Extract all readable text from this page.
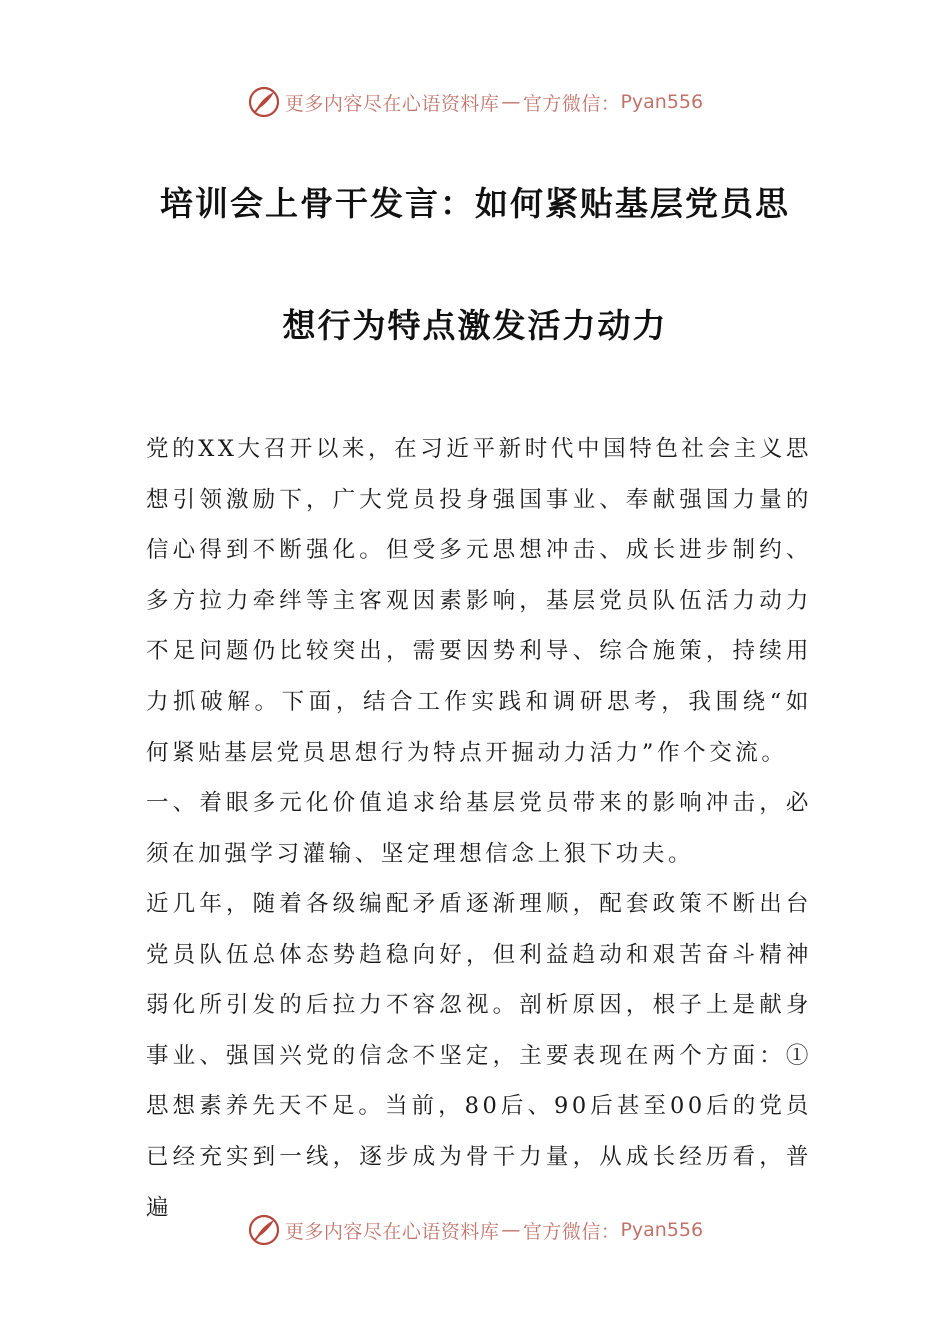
更多内容尽在心语资料库 — 官方微信： Pyan556
培训会上骨干发言：如何紧贴基层党员思
想行为特点激发活力动力

党的XX大召开以来，在习近平新时代中国特色社会主义思想引领激励下，广大党员投身强国事业、奉献强国力量的信心得到不断强化。但受多元思想冲击、成长进步制约、多方拉力牵绊等主客观因素影响，基层党员队伍活力动力不足问题仍比较突出，需要因势利导、综合施策，持续用力抓破解。下面，结合工作实践和调研思考，我围绕“如何紧贴基层党员思想行为特点开掘动力活力”作个交流。

一、着眼多元化价值追求给基层党员带来的影响冲击，必须在加强学习灌输、坚定理想信念上狠下功夫。

近几年，随着各级编配矛盾逐渐理顺，配套政策不断出台党员队伍总体态势趋稳向好，但利益趋动和艰苦奋斗精神弱化所引发的后拉力不容忽视。剖析原因，根子上是献身事业、强国兴党的信念不坚定，主要表现在两个方面：①思想素养先天不足。当前，80后、90后甚至00后的党员已经充实到一线，逐步成为骨干力量，从成长经历看，普遍

更多内容尽在心语资料库 — 官方微信： Pyan556
